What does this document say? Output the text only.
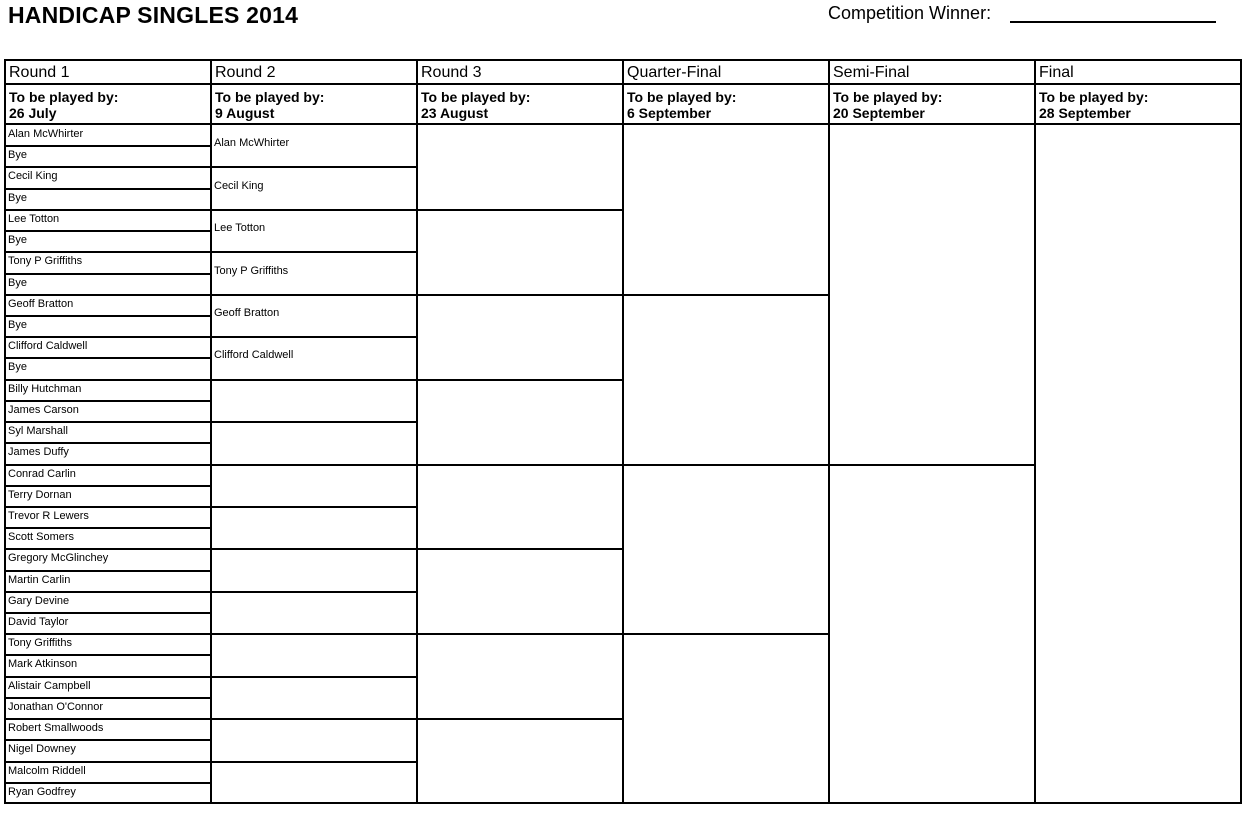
HANDICAP SINGLES 2014	Competition Winner:
Round 1
To be played by:
26 July
Round 2
To be played by:
9 August
Round 3
To be played by:
23 August
Quarter-Final
To be played by:
6 September
Semi-Final
To be played by:
20 September
Final
To be played by:
28 September
Alan McWhirter
Bye
Cecil King
Bye
Lee Totton
Bye
Tony P Griffiths
Bye
Geoff Bratton
Bye
Clifford Caldwell
Bye
Billy Hutchman
James Carson
Syl Marshall
James Duffy
Conrad Carlin
Terry Dornan
Trevor R Lewers
Scott Somers
Gregory McGlinchey
Martin Carlin
Gary Devine
David Taylor
Tony Griffiths
Mark Atkinson
Alistair Campbell
Jonathan O'Connor
Robert Smallwoods
Nigel Downey
Malcolm Riddell
Ryan Godfrey
Alan McWhirter
Cecil King
Lee Totton
Tony P Griffiths
Geoff Bratton
Clifford Caldwell
